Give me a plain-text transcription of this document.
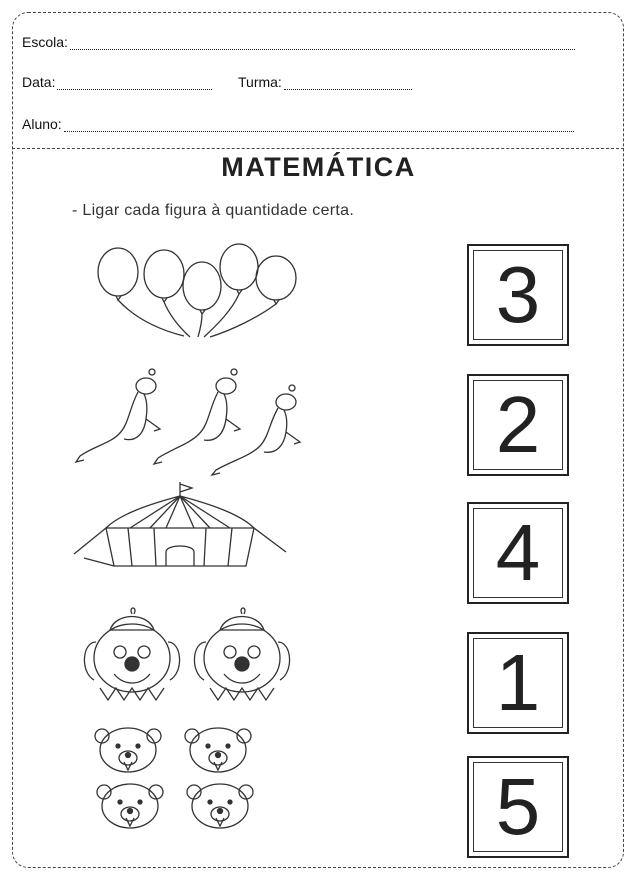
Escola:
Data:	Turma:
Aluno:
MATEMÁTICA
- Ligar cada figura à quantidade certa.
3
2
4
1
5
